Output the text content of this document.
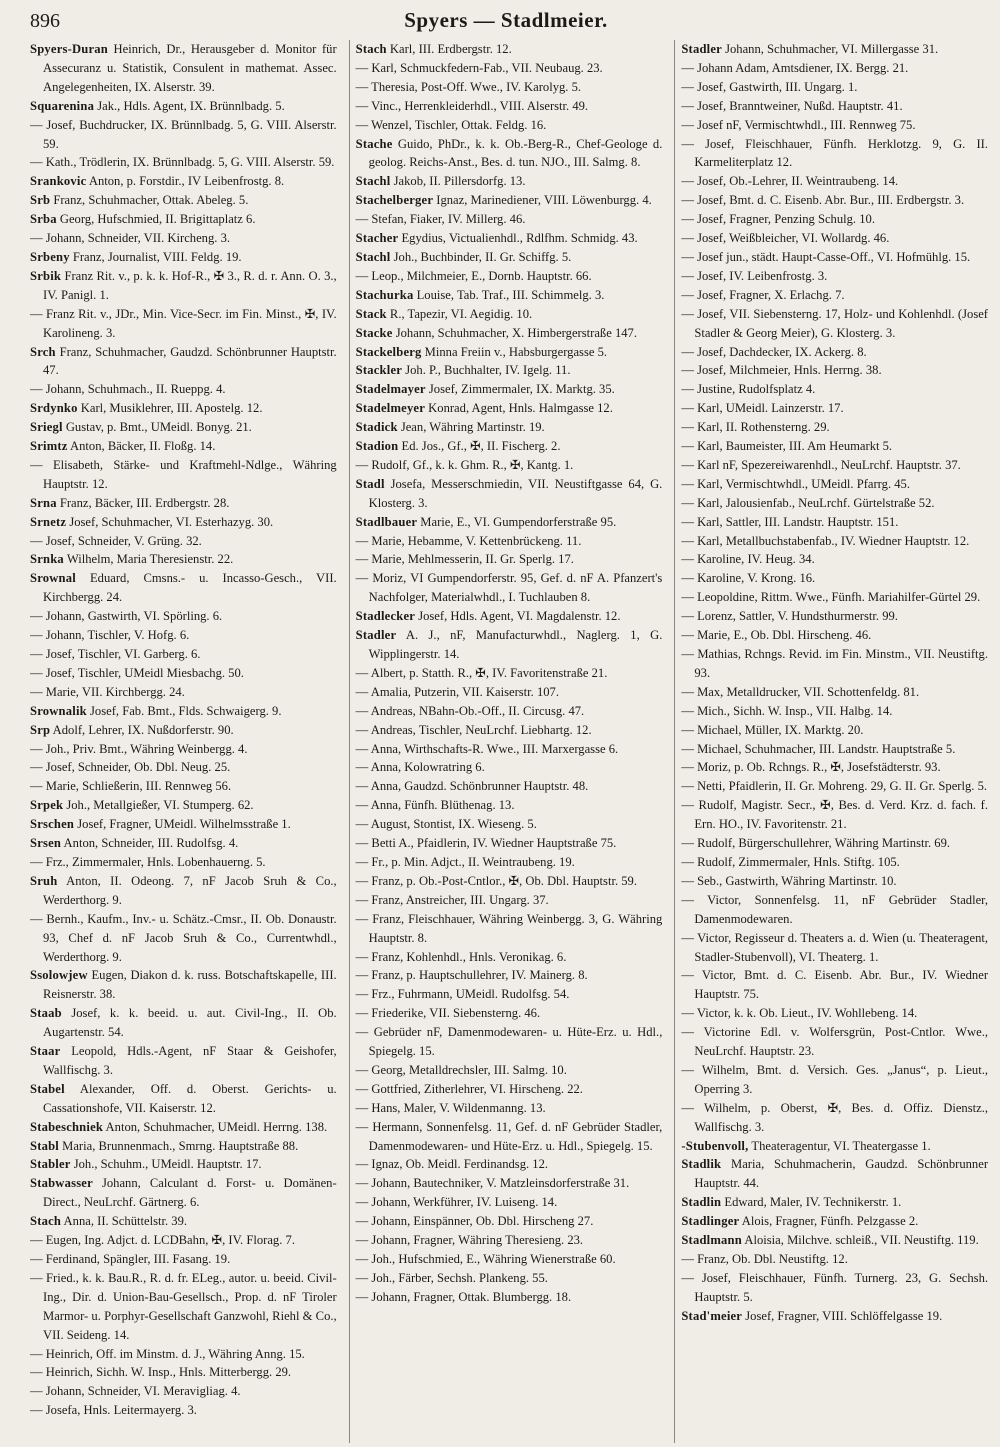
896	Spyers — Stadlmeier.
Spyers-Duran Heinrich, Dr., Herausgeber d. Monitor für Assecuranz u. Statistik, Consulent in mathemat. Assec. Angelegenheiten, IX. Alserstr. 39.
Squarenina Jak., Hdls. Agent, IX. Brünnlbadg. 5.
— Josef, Buchdrucker, IX. Brünnlbadg. 5, G. VIII. Alserstr. 59.
— Kath., Trödlerin, IX. Brünnlbadg. 5, G. VIII. Alserstr. 59.
Srankovic Anton, p. Forstdir., IV Leibenfrostg. 8.
Srb Franz, Schuhmacher, Ottak. Abeleg. 5.
Srba Georg, Hufschmied, II. Brigittaplatz 6.
— Johann, Schneider, VII. Kircheng. 3.
Srbeny Franz, Journalist, VIII. Feldg. 19.
Srbik Franz Rit. v., p. k. k. Hof-R., ✠ 3., R. d. r. Ann. O. 3., IV. Panigl. 1.
— Franz Rit. v., JDr., Min. Vice-Secr. im Fin. Minst., ✠, IV. Karolineng. 3.
Srch Franz, Schuhmacher, Gaudzd. Schönbrunner Hauptstr. 47.
— Johann, Schuhmach., II. Rueppg. 4.
Srdynko Karl, Musiklehrer, III. Apostelg. 12.
Sriegl Gustav, p. Bmt., UMeidl. Bonyg. 21.
Srimtz Anton, Bäcker, II. Floßg. 14.
— Elisabeth, Stärke- und Kraftmehl-Ndlge., Währing Hauptstr. 12.
Srna Franz, Bäcker, III. Erdbergstr. 28.
Srnetz Josef, Schuhmacher, VI. Esterhazyg. 30.
— Josef, Schneider, V. Grüng. 32.
Srnka Wilhelm, Maria Theresienstr. 22.
Srownal Eduard, Cmsns.- u. Incasso-Gesch., VII. Kirchbergg. 24.
— Johann, Gastwirth, VI. Spörling. 6.
— Johann, Tischler, V. Hofg. 6.
— Josef, Tischler, VI. Garberg. 6.
— Josef, Tischler, UMeidl Miesbachg. 50.
— Marie, VII. Kirchbergg. 24.
Srownalik Josef, Fab. Bmt., Flds. Schwaigerg. 9.
Srp Adolf, Lehrer, IX. Nußdorferstr. 90.
— Joh., Priv. Bmt., Währing Weinbergg. 4.
— Josef, Schneider, Ob. Dbl. Neug. 25.
— Marie, Schließerin, III. Rennweg 56.
Srpek Joh., Metallgießer, VI. Stumperg. 62.
Srschen Josef, Fragner, UMeidl. Wilhelmsstraße 1.
Srsen Anton, Schneider, III. Rudolfsg. 4.
— Frz., Zimmermaler, Hnls. Lobenhauerng. 5.
Sruh Anton, II. Odeong. 7, nF Jacob Sruh & Co., Werderthorg. 9.
— Bernh., Kaufm., Inv.- u. Schätz.-Cmsr., II. Ob. Donaustr. 93, Chef d. nF Jacob Sruh & Co., Currentwhdl., Werderthorg. 9.
Ssolowjew Eugen, Diakon d. k. russ. Botschaftskapelle, III. Reisnerstr. 38.
Staab Josef, k. k. beeid. u. aut. Civil-Ing., II. Ob. Augartenstr. 54.
Staar Leopold, Hdls.-Agent, nF Staar & Geishofer, Wallfischg. 3.
Stabel Alexander, Off. d. Oberst. Gerichts- u. Cassationshofe, VII. Kaiserstr. 12.
Stabeschniek Anton, Schuhmacher, UMeidl. Herrng. 138.
Stabl Maria, Brunnenmach., Smrng. Hauptstraße 88.
Stabler Joh., Schuhm., UMeidl. Hauptstr. 17.
Stabwasser Johann, Calculant d. Forst- u. Domänen-Direct., NeuLrchf. Gärtnerg. 6.
Stach Anna, II. Schüttelstr. 39.
— Eugen, Ing. Adjct. d. LCDBahn, ✠, IV. Florag. 7.
— Ferdinand, Spängler, III. Fasang. 19.
— Fried., k. k. Bau.R., R. d. fr. ELeg., autor. u. beeid. Civil-Ing., Dir. d. Union-Bau-Gesellsch., Prop. d. nF Tiroler Marmor- u. Porphyr-Gesellschaft Ganzwohl, Riehl & Co., VII. Seideng. 14.
— Heinrich, Off. im Minstm. d. J., Währing Anng. 15.
— Heinrich, Sichh. W. Insp., Hnls. Mitterbergg. 29.
— Johann, Schneider, VI. Meravigliag. 4.
— Josefa, Hnls. Leitermayerg. 3.
Stach Karl, III. Erdbergstr. 12.
— Karl, Schmuckfedern-Fab., VII. Neubaug. 23.
— Theresia, Post-Off. Wwe., IV. Karolyg. 5.
— Vinc., Herrenkleiderhdl., VIII. Alserstr. 49.
— Wenzel, Tischler, Ottak. Feldg. 16.
Stache Guido, PhDr., k. k. Ob.-Berg-R., Chef-Geologe d. geolog. Reichs-Anst., Bes. d. tun. NJO., III. Salmg. 8.
Stachl Jakob, II. Pillersdorfg. 13.
Stachelberger Ignaz, Marinediener, VIII. Löwenburgg. 4.
— Stefan, Fiaker, IV. Millerg. 46.
Stacher Egydius, Victualienhdl., Rdlfhm. Schmidg. 43.
Stachl Joh., Buchbinder, II. Gr. Schiffg. 5.
— Leop., Milchmeier, E., Dornb. Hauptstr. 66.
Stachurka Louise, Tab. Traf., III. Schimmelg. 3.
Stack R., Tapezir, VI. Aegidig. 10.
Stacke Johann, Schuhmacher, X. Himbergerstraße 147.
Stackelberg Minna Freiin v., Habsburgergasse 5.
Stackler Joh. P., Buchhalter, IV. Igelg. 11.
Stadelmayer Josef, Zimmermaler, IX. Marktg. 35.
Stadelmeyer Konrad, Agent, Hnls. Halmgasse 12.
Stadick Jean, Währing Martinstr. 19.
Stadion Ed. Jos., Gf., ✠, II. Fischerg. 2.
— Rudolf, Gf., k. k. Ghm. R., ✠, Kantg. 1.
Stadl Josefa, Messerschmiedin, VII. Neustiftgasse 64, G. Klosterg. 3.
Stadlbauer Marie, E., VI. Gumpendorferstraße 95.
— Marie, Hebamme, V. Kettenbrückeng. 11.
— Marie, Mehlmesserin, II. Gr. Sperlg. 17.
— Moriz, VI Gumpendorferstr. 95, Gef. d. nF A. Pfanzert's Nachfolger, Materialwhdl., I. Tuchlauben 8.
Stadlecker Josef, Hdls. Agent, VI. Magdalenstr. 12.
Stadler A. J., nF, Manufacturwhdl., Naglerg. 1, G. Wipplingerstr. 14.
— Albert, p. Statth. R., ✠, IV. Favoritenstraße 21.
— Amalia, Putzerin, VII. Kaiserstr. 107.
— Andreas, NBahn-Ob.-Off., II. Circusg. 47.
— Andreas, Tischler, NeuLrchf. Liebhartg. 12.
— Anna, Wirthschafts-R. Wwe., III. Marxergasse 6.
— Anna, Kolowratring 6.
— Anna, Gaudzd. Schönbrunner Hauptstr. 48.
— Anna, Fünfh. Blüthenag. 13.
— August, Stontist, IX. Wieseng. 5.
— Betti A., Pfaidlerin, IV. Wiedner Hauptstraße 75.
— Fr., p. Min. Adjct., II. Weintraubeng. 19.
— Franz, p. Ob.-Post-Cntlor., ✠, Ob. Dbl. Hauptstr. 59.
— Franz, Anstreicher, III. Ungarg. 37.
— Franz, Fleischhauer, Währing Weinbergg. 3, G. Währing Hauptstr. 8.
— Franz, Kohlenhdl., Hnls. Veronikag. 6.
— Franz, p. Hauptschullehrer, IV. Mainerg. 8.
— Frz., Fuhrmann, UMeidl. Rudolfsg. 54.
— Friederike, VII. Siebensterng. 46.
— Gebrüder nF, Damenmodewaren- u. Hüte-Erz. u. Hdl., Spiegelg. 15.
— Georg, Metalldrechsler, III. Salmg. 10.
— Gottfried, Zitherlehrer, VI. Hirscheng. 22.
— Hans, Maler, V. Wildenmanng. 13.
— Hermann, Sonnenfelsg. 11, Gef. d. nF Gebrüder Stadler, Damenmodewaren- und Hüte-Erz. u. Hdl., Spiegelg. 15.
— Ignaz, Ob. Meidl. Ferdinandsg. 12.
— Johann, Bautechniker, V. Matzleinsdorferstraße 31.
— Johann, Werkführer, IV. Luiseng. 14.
— Johann, Einspänner, Ob. Dbl. Hirscheng 27.
— Johann, Fragner, Währing Theresieng. 23.
— Joh., Hufschmied, E., Währing Wienerstraße 60.
— Joh., Färber, Sechsh. Plankeng. 55.
— Johann, Fragner, Ottak. Blumbergg. 18.
Stadler Johann, Schuhmacher, VI. Millergasse 31.
— Johann Adam, Amtsdiener, IX. Bergg. 21.
— Josef, Gastwirth, III. Ungarg. 1.
— Josef, Branntweiner, Nußd. Hauptstr. 41.
— Josef nF, Vermischtwhdl., III. Rennweg 75.
— Josef, Fleischhauer, Fünfh. Herklotzg. 9, G. II. Karmeliterplatz 12.
— Josef, Ob.-Lehrer, II. Weintraubeng. 14.
— Josef, Bmt. d. C. Eisenb. Abr. Bur., III. Erdbergstr. 3.
— Josef, Fragner, Penzing Schulg. 10.
— Josef, Weißbleicher, VI. Wollardg. 46.
— Josef jun., städt. Haupt-Casse-Off., VI. Hofmühlg. 15.
— Josef, IV. Leibenfrostg. 3.
— Josef, Fragner, X. Erlachg. 7.
— Josef, VII. Siebensterng. 17, Holz- und Kohlenhdl. (Josef Stadler & Georg Meier), G. Klosterg. 3.
— Josef, Dachdecker, IX. Ackerg. 8.
— Josef, Milchmeier, Hnls. Herrng. 38.
— Justine, Rudolfsplatz 4.
— Karl, UMeidl. Lainzerstr. 17.
— Karl, II. Rothensterng. 29.
— Karl, Baumeister, III. Am Heumarkt 5.
— Karl nF, Spezereiwarenhdl., NeuLrchf. Hauptstr. 37.
— Karl, Vermischtwhdl., UMeidl. Pfarrg. 45.
— Karl, Jalousienfab., NeuLrchf. Gürtelstraße 52.
— Karl, Sattler, III. Landstr. Hauptstr. 151.
— Karl, Metallbuchstabenfab., IV. Wiedner Hauptstr. 12.
— Karoline, IV. Heug. 34.
— Karoline, V. Krong. 16.
— Leopoldine, Rittm. Wwe., Fünfh. Mariahilfer-Gürtel 29.
— Lorenz, Sattler, V. Hundsthurmerstr. 99.
— Marie, E., Ob. Dbl. Hirscheng. 46.
— Mathias, Rchngs. Revid. im Fin. Minstm., VII. Neustiftg. 93.
— Max, Metalldrucker, VII. Schottenfeldg. 81.
— Mich., Sichh. W. Insp., VII. Halbg. 14.
— Michael, Müller, IX. Marktg. 20.
— Michael, Schuhmacher, III. Landstr. Hauptstraße 5.
— Moriz, p. Ob. Rchngs. R., ✠, Josefstädterstr. 93.
— Netti, Pfaidlerin, II. Gr. Mohreng. 29, G. II. Gr. Sperlg. 5.
— Rudolf, Magistr. Secr., ✠, Bes. d. Verd. Krz. d. fach. f. Ern. HO., IV. Favoritenstr. 21.
— Rudolf, Bürgerschullehrer, Währing Martinstr. 69.
— Rudolf, Zimmermaler, Hnls. Stiftg. 105.
— Seb., Gastwirth, Währing Martinstr. 10.
— Victor, Sonnenfelsg. 11, nF Gebrüder Stadler, Damenmodewaren.
— Victor, Regisseur d. Theaters a. d. Wien (u. Theateragent, Stadler-Stubenvoll), VI. Theaterg. 1.
— Victor, Bmt. d. C. Eisenb. Abr. Bur., IV. Wiedner Hauptstr. 75.
— Victor, k. k. Ob. Lieut., IV. Wohllebeng. 14.
— Victorine Edl. v. Wolfersgrün, Post-Cntlor. Wwe., NeuLrchf. Hauptstr. 23.
— Wilhelm, Bmt. d. Versich. Ges. „Janus“, p. Lieut., Operring 3.
— Wilhelm, p. Oberst, ✠, Bes. d. Offiz. Dienstz., Wallfischg. 3.
-Stubenvoll, Theateragentur, VI. Theatergasse 1.
Stadlik Maria, Schuhmacherin, Gaudzd. Schönbrunner Hauptstr. 44.
Stadlin Edward, Maler, IV. Technikerstr. 1.
Stadlinger Alois, Fragner, Fünfh. Pelzgasse 2.
Stadlmann Aloisia, Milchve. schleiß., VII. Neustiftg. 119.
— Franz, Ob. Dbl. Neustiftg. 12.
— Josef, Fleischhauer, Fünfh. Turnerg. 23, G. Sechsh. Hauptstr. 5.
Stad'meier Josef, Fragner, VIII. Schlöffelgasse 19.
